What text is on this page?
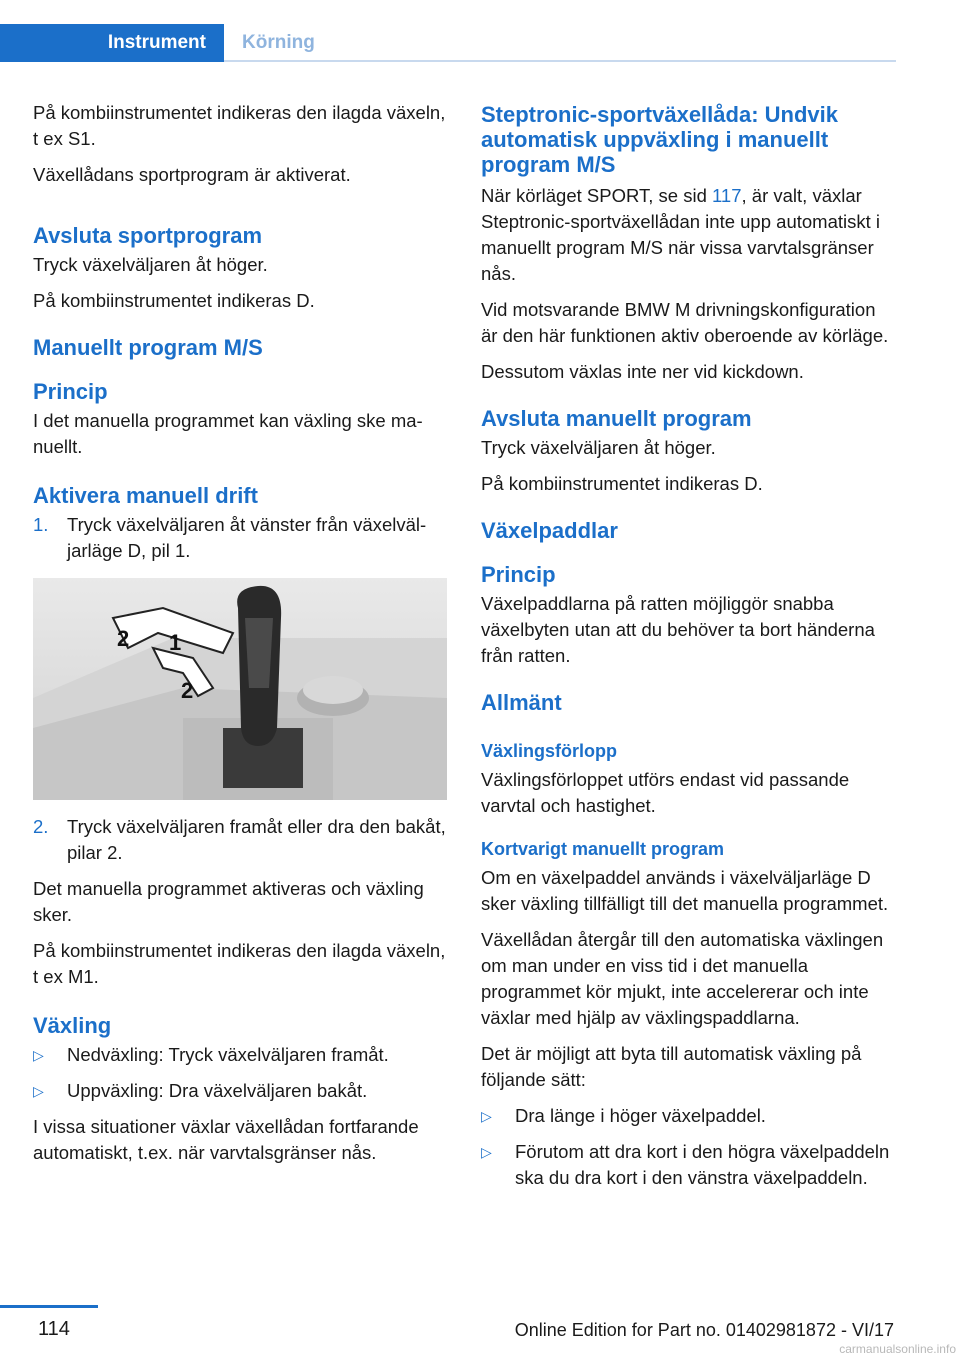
Instrument	Körning

På kombiinstrumentet indikeras den ilagda växeln, t ex S1.

Växellådans sportprogram är aktiverat.

Avsluta sportprogram

Tryck växelväljaren åt höger.

På kombiinstrumentet indikeras D.

Manuellt program M/S
Princip

I det manuella programmet kan växling ske manuellt.

Aktivera manuell drift
1.	Tryck växelväljaren åt vänster från växelväljarläge D, pil 1.
1
2
2
2.	Tryck växelväljaren framåt eller dra den bakåt, pilar 2.

Det manuella programmet aktiveras och växling sker.

På kombiinstrumentet indikeras den ilagda växeln, t ex M1.

Växling
▷	Nedväxling: Tryck växelväljaren framåt.
▷	Uppväxling: Dra växelväljaren bakåt.

I vissa situationer växlar växellådan fortfarande automatiskt, t.ex. när varvtalsgränser nås.

Steptronic-sportväxellåda: Undvik automatisk uppväxling i manuellt program M/S

När körläget SPORT, se sid 117, är valt, växlar Steptronic-sportväxellådan inte upp automatiskt i manuellt program M/S när vissa varvtalsgränser nås.

Vid motsvarande BMW M drivningskonfiguration är den här funktionen aktiv oberoende av körläge.

Dessutom växlas inte ner vid kickdown.

Avsluta manuellt program

Tryck växelväljaren åt höger.

På kombiinstrumentet indikeras D.

Växelpaddlar
Princip

Växelpaddlarna på ratten möjliggör snabba växelbyten utan att du behöver ta bort händerna från ratten.

Allmänt
Växlingsförlopp

Växlingsförloppet utförs endast vid passande varvtal och hastighet.

Kortvarigt manuellt program

Om en växelpaddel används i växelväljarläge D sker växling tillfälligt till det manuella programmet.

Växellådan återgår till den automatiska växlingen om man under en viss tid i det manuella programmet kör mjukt, inte accelererar och inte växlar med hjälp av växlingspaddlarna.

Det är möjligt att byta till automatisk växling på följande sätt:

▷	Dra länge i höger växelpaddel.
▷	Förutom att dra kort i den högra växelpaddeln ska du dra kort i den vänstra växelpaddeln.
114	Online Edition for Part no. 01402981872 - VI/17
carmanualsonline.info
